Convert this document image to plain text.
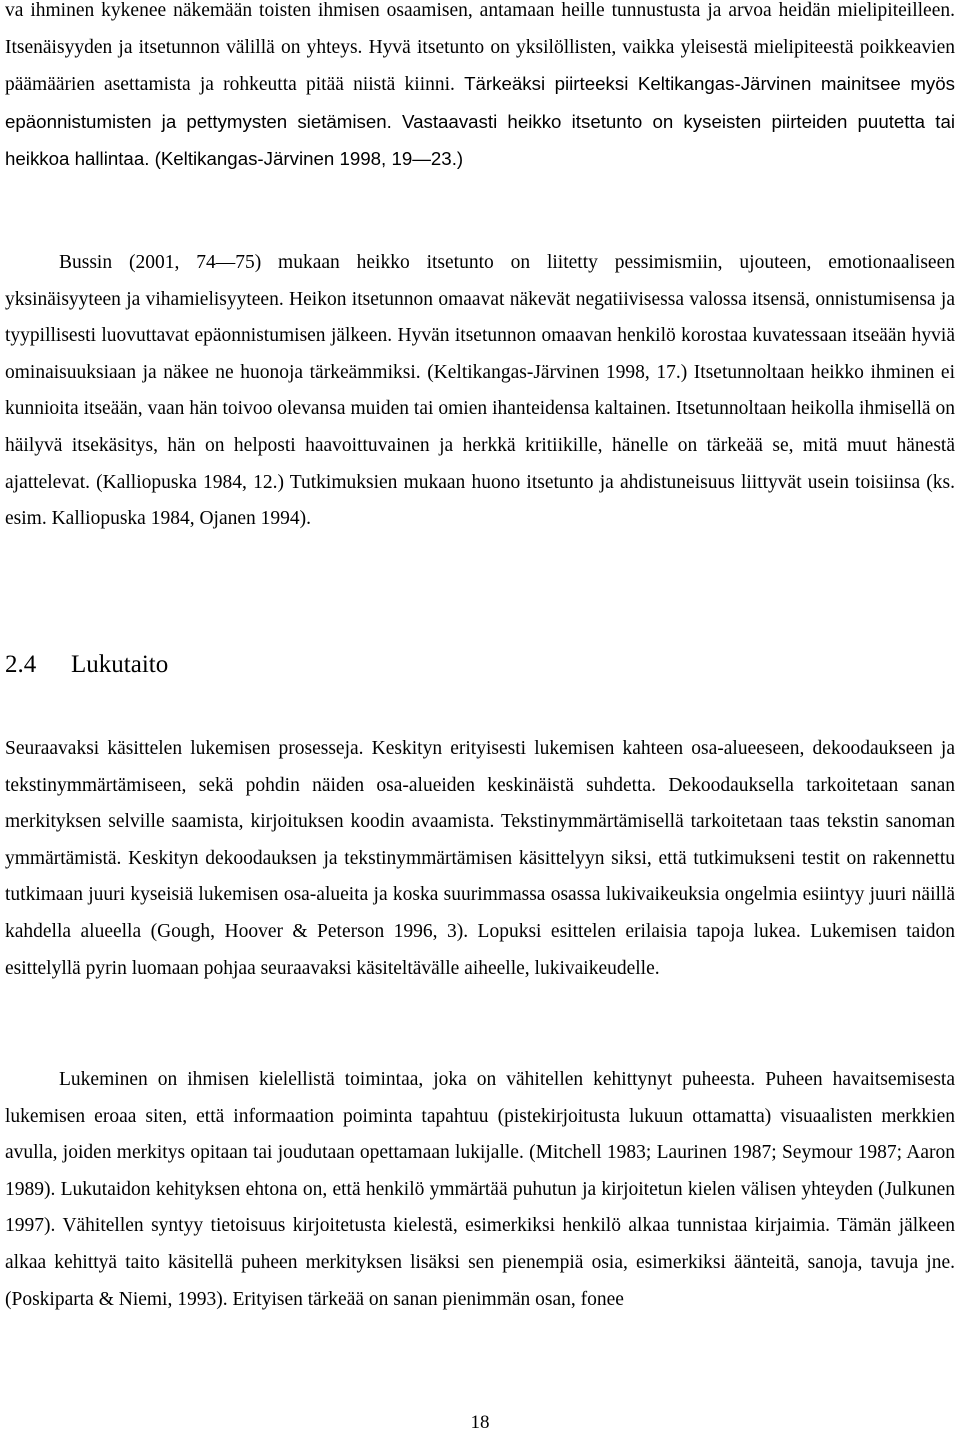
va ihminen kykenee näkemään toisten ihmisen osaamisen, antamaan heille tunnustusta ja arvoa heidän mielipiteilleen. Itsenäisyyden ja itsetunnon välillä on yhteys. Hyvä itsetunto on yksilöllisten, vaikka yleisestä mielipiteestä poikkeavien päämäärien asettamista ja rohkeutta pitää niistä kiinni. Tärkeäksi piirteeksi Keltikangas-Järvinen mainitsee myös epäonnistumisten ja pettymysten sietämisen. Vastaavasti heikko itsetunto on kyseisten piirteiden puutetta tai heikkoa hallintaa. (Keltikangas-Järvinen 1998, 19—23.)

Bussin (2001, 74—75) mukaan heikko itsetunto on liitetty pessimismiin, ujouteen, emotionaaliseen yksinäisyyteen ja vihamielisyyteen. Heikon itsetunnon omaavat näkevät negatiivisessa valossa itsensä, onnistumisensa ja tyypillisesti luovuttavat epäonnistumisen jälkeen. Hyvän itsetunnon omaavan henkilö korostaa kuvatessaan itseään hyviä ominaisuuksiaan ja näkee ne huonoja tärkeämmiksi. (Keltikangas-Järvinen 1998, 17.) Itsetunnoltaan heikko ihminen ei kunnioita itseään, vaan hän toivoo olevansa muiden tai omien ihanteidensa kaltainen. Itsetunnoltaan heikolla ihmisellä on häilyvä itsekäsitys, hän on helposti haavoittuvainen ja herkkä kritiikille, hänelle on tärkeää se, mitä muut hänestä ajattelevat. (Kalliopuska 1984, 12.) Tutkimuksien mukaan huono itsetunto ja ahdistuneisuus liittyvät usein toisiinsa (ks. esim. Kalliopuska 1984, Ojanen 1994).

2.4 Lukutaito

Seuraavaksi käsittelen lukemisen prosesseja. Keskityn erityisesti lukemisen kahteen osa-alueeseen, dekoodaukseen ja tekstinymmärtämiseen, sekä pohdin näiden osa-alueiden keskinäistä suhdetta. Dekoodauksella tarkoitetaan sanan merkityksen selville saamista, kirjoituksen koodin avaamista. Tekstinymmärtämisellä tarkoitetaan taas tekstin sanoman ymmärtämistä. Keskityn dekoodauksen ja tekstinymmärtämisen käsittelyyn siksi, että tutkimukseni testit on rakennettu tutkimaan juuri kyseisiä lukemisen osa-alueita ja koska suurimmassa osassa lukivaikeuksia ongelmia esiintyy juuri näillä kahdella alueella (Gough, Hoover & Peterson 1996, 3). Lopuksi esittelen erilaisia tapoja lukea. Lukemisen taidon esittelyllä pyrin luomaan pohjaa seuraavaksi käsiteltävälle aiheelle, lukivaikeudelle.

Lukeminen on ihmisen kielellistä toimintaa, joka on vähitellen kehittynyt puheesta. Puheen havaitsemisesta lukemisen eroaa siten, että informaation poiminta tapahtuu (pistekirjoitusta lukuun ottamatta) visuaalisten merkkien avulla, joiden merkitys opitaan tai joudutaan opettamaan lukijalle. (Mitchell 1983; Laurinen 1987; Seymour 1987; Aaron 1989). Lukutaidon kehityksen ehtona on, että henkilö ymmärtää puhutun ja kirjoitetun kielen välisen yhteyden (Julkunen 1997). Vähitellen syntyy tietoisuus kirjoitetusta kielestä, esimerkiksi henkilö alkaa tunnistaa kirjaimia. Tämän jälkeen alkaa kehittyä taito käsitellä puheen merkityksen lisäksi sen pienempiä osia, esimerkiksi äänteitä, sanoja, tavuja jne. (Poskiparta & Niemi, 1993). Erityisen tärkeää on sanan pienimmän osan, fonee

18
